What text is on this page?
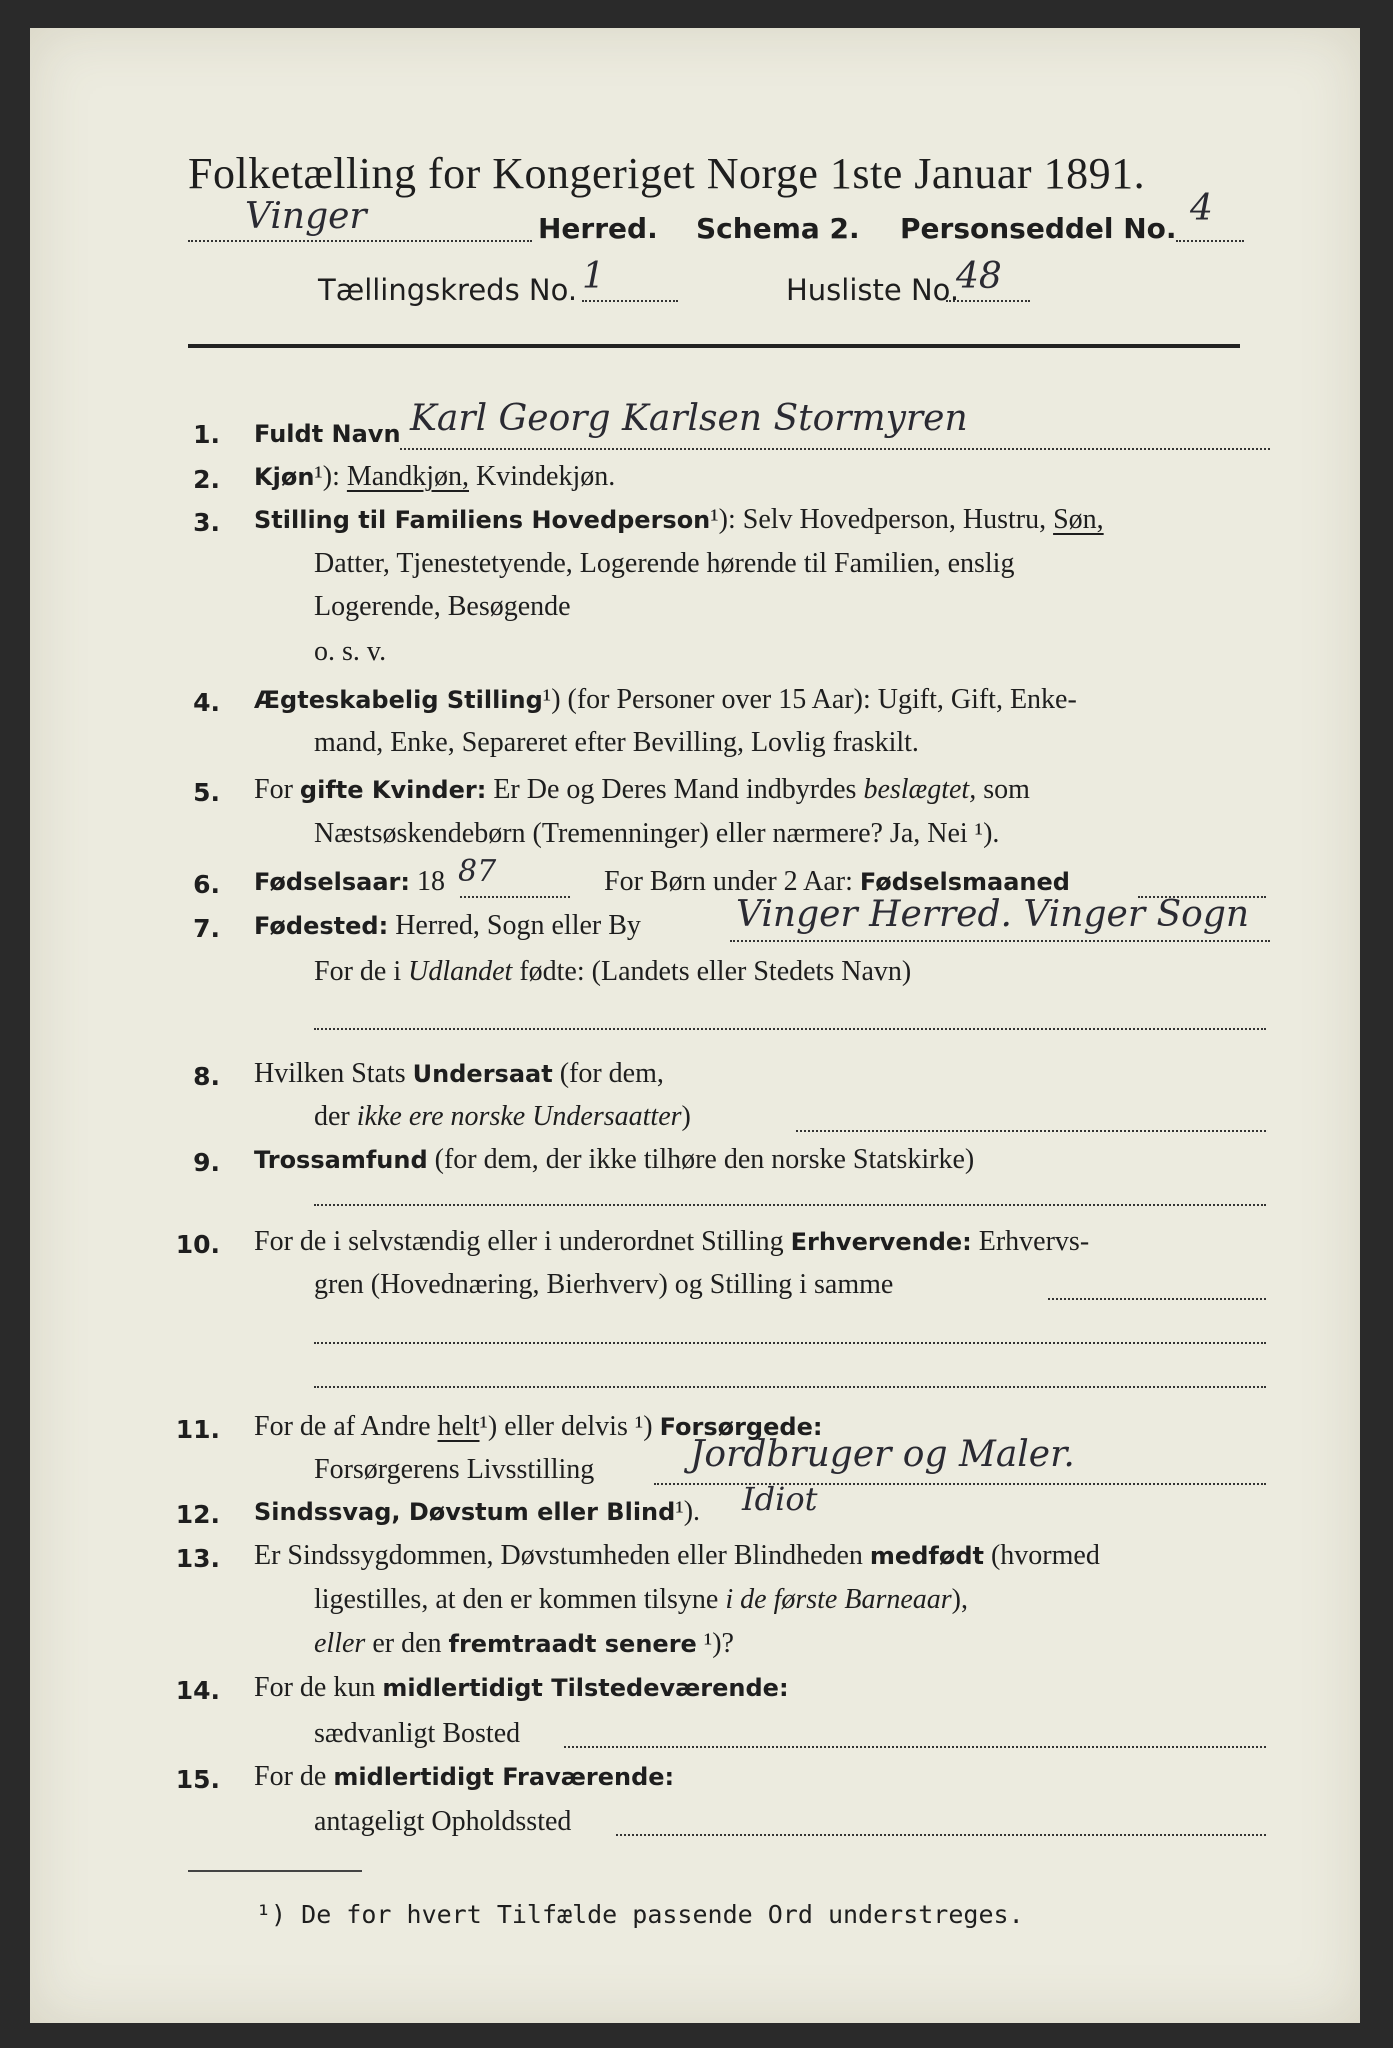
Folketælling for Kongeriget Norge 1ste Januar 1891.
Vinger	Herred. Schema 2. Personseddel No. 4
Tællingskreds No. 1	Husliste No.
48
1. Fuldt Navn Karl Georg Karlsen Stormyren
2. Kjøn¹): Mandkjøn, Kvindekjøn.
3. Stilling til Familiens Hovedperson¹): Selv Hovedperson, Hustru, Søn,
Datter, Tjenestetyende, Logerende hørende til Familien, enslig
Logerende, Besøgende
o. s. v.
4. Ægteskabelig Stilling¹) (for Personer over 15 Aar): Ugift, Gift, Enke-
mand, Enke, Separeret efter Bevilling, Lovlig fraskilt.
5. For gifte Kvinder: Er De og Deres Mand indbyrdes beslægtet, som
Næstsøskendebørn (Tremenninger) eller nærmere? Ja, Nei ¹).
6. Fødselsaar: 18 87	For Børn under 2 Aar: Fødselsmaaned
7. Fødested: Herred, Sogn eller By	Vinger Herred. Vinger Sogn
For de i Udlandet fødte: (Landets eller Stedets Navn)
8. Hvilken Stats Undersaat (for dem,
der ikke ere norske Undersaatter)
9. Trossamfund (for dem, der ikke tilhøre den norske Statskirke)
10. For de i selvstændig eller i underordnet Stilling Erhvervende: Erhvervs-
gren (Hovednæring, Bierhverv) og Stilling i samme
11. For de af Andre helt¹) eller delvis ¹) Forsørgede:
Forsørgerens Livsstilling	Jordbruger og Maler.
12. Sindssvag, Døvstum eller Blind¹). Idiot
13. Er Sindssygdommen, Døvstumheden eller Blindheden medfødt (hvormed
ligestilles, at den er kommen tilsyne i de første Barneaar),
eller er den fremtraadt senere ¹)?
14. For de kun midlertidigt Tilstedeværende:
sædvanligt Bosted
15. For de midlertidigt Fraværende:
antageligt Opholdssted
¹) De for hvert Tilfælde passende Ord understreges.
